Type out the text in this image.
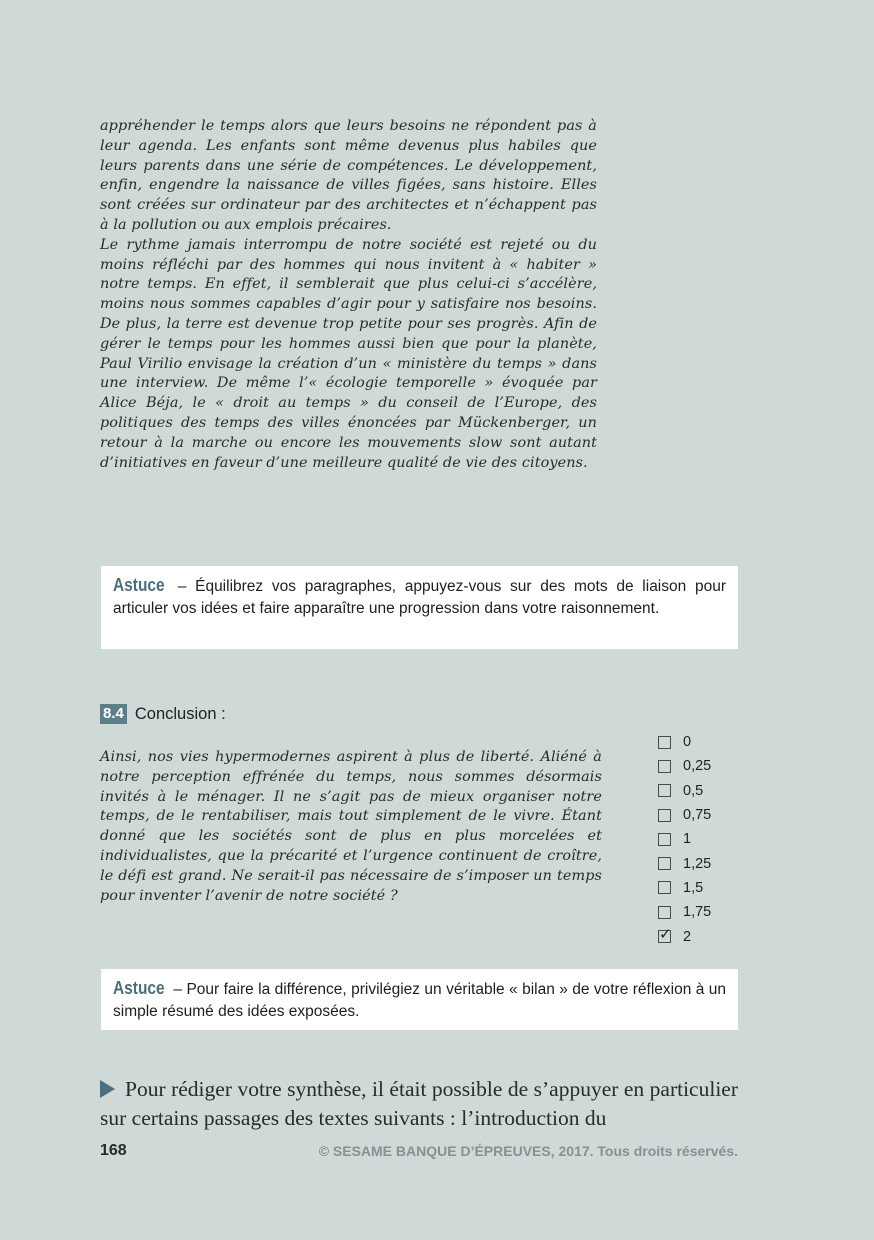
appréhender le temps alors que leurs besoins ne répondent pas à leur agenda. Les enfants sont même devenus plus habiles que leurs parents dans une série de compétences. Le développement, enfin, engendre la naissance de villes figées, sans histoire. Elles sont créées sur ordinateur par des architectes et n’échappent pas à la pollution ou aux emplois précaires.

Le rythme jamais interrompu de notre société est rejeté ou du moins réfléchi par des hommes qui nous invitent à « habiter » notre temps. En effet, il semblerait que plus celui-ci s’accélère, moins nous sommes capables d’agir pour y satisfaire nos besoins. De plus, la terre est devenue trop petite pour ses progrès. Afin de gérer le temps pour les hommes aussi bien que pour la planète, Paul Virilio envisage la création d’un « ministère du temps » dans une interview. De même l’« écologie temporelle » évoquée par Alice Béja, le « droit au temps » du conseil de l’Europe, des politiques des temps des villes énoncées par Mückenberger, un retour à la marche ou encore les mouvements slow sont autant d’initiatives en faveur d’une meilleure qualité de vie des citoyens.

Astuce – Équilibrez vos paragraphes, appuyez-vous sur des mots de liaison pour articuler vos idées et faire apparaître une progression dans votre raisonnement.
8.4 Conclusion :

Ainsi, nos vies hypermodernes aspirent à plus de liberté. Aliéné à notre perception effrénée du temps, nous sommes désormais invités à le ménager. Il ne s’agit pas de mieux organiser notre temps, de le rentabiliser, mais tout simplement de le vivre. Étant donné que les sociétés sont de plus en plus morcelées et individualistes, que la précarité et l’urgence continuent de croître, le défi est grand. Ne serait-il pas nécessaire de s’imposer un temps pour inventer l’avenir de notre société ?

0
0,25
0,5
0,75
1
1,25
1,5
1,75
✓ 2
Astuce – Pour faire la différence, privilégiez un véritable « bilan » de votre réflexion à un simple résumé des idées exposées.
Pour rédiger votre synthèse, il était possible de s’appuyer en particulier sur certains passages des textes suivants : l’introduction du
168	© SESAME BANQUE D’ÉPREUVES, 2017. Tous droits réservés.
